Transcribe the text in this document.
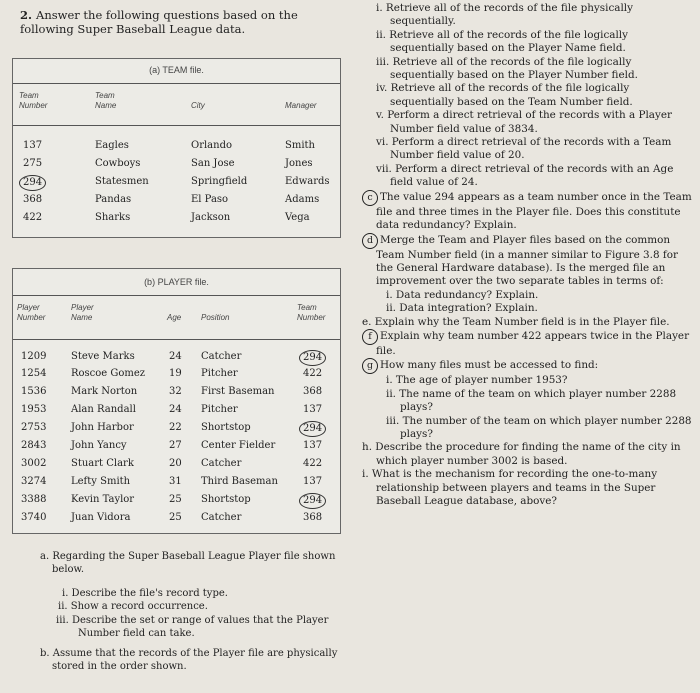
2. Answer the following questions based on the following Super Baseball League data.
(a) TEAM file.
Team
Number
Team
Name	City	Manager
137	Eagles	Orlando	Smith
275	Cowboys	San Jose	Jones
294	Statesmen	Springfield	Edwards
368	Pandas	El Paso	Adams
422	Sharks	Jackson	Vega
(b) PLAYER file.
Player
Number
Player
Name	Age Position
Team
Number
1209 Steve Marks	24 Catcher	294
1254 Roscoe Gomez 19 Pitcher	422
1536 Mark Norton	32 First Baseman	368
1953 Alan Randall	24 Pitcher	137
2753 John Harbor	22 Shortstop	294
2843 John Yancy	27 Center Fielder	137
3002 Stuart Clark	20 Catcher	422
3274 Lefty Smith	31 Third Baseman	137
3388 Kevin Taylor	25 Shortstop	294
3740 Juan Vidora	25 Catcher	368
a. Regarding the Super Baseball League Player file shown below.
i. Describe the file's record type.
ii. Show a record occurrence.
iii. Describe the set or range of values that the Player Number field can take.
b. Assume that the records of the Player file are physically stored in the order shown.
i. Retrieve all of the records of the file physically sequentially.
ii. Retrieve all of the records of the file logically sequentially based on the Player Name field.
iii. Retrieve all of the records of the file logically sequentially based on the Player Number field.
iv. Retrieve all of the records of the file logically sequentially based on the Team Number field.
v. Perform a direct retrieval of the records with a Player Number field value of 3834.
vi. Perform a direct retrieval of the records with a Team Number field value of 20.
vii. Perform a direct retrieval of the records with an Age field value of 24.
c The value 294 appears as a team number once in the Team file and three times in the Player file. Does this constitute data redundancy? Explain.
d Merge the Team and Player files based on the common Team Number field (in a manner similar to Figure 3.8 for the General Hardware database). Is the merged file an improvement over the two separate tables in terms of:
i. Data redundancy? Explain.
ii. Data integration? Explain.
e. Explain why the Team Number field is in the Player file.
f Explain why team number 422 appears twice in the Player file.
g How many files must be accessed to find:
i. The age of player number 1953?
ii. The name of the team on which player number 2288 plays?
iii. The number of the team on which player number 2288 plays?
h. Describe the procedure for finding the name of the city in which player number 3002 is based.
i. What is the mechanism for recording the one-to-many relationship between players and teams in the Super Baseball League database, above?
